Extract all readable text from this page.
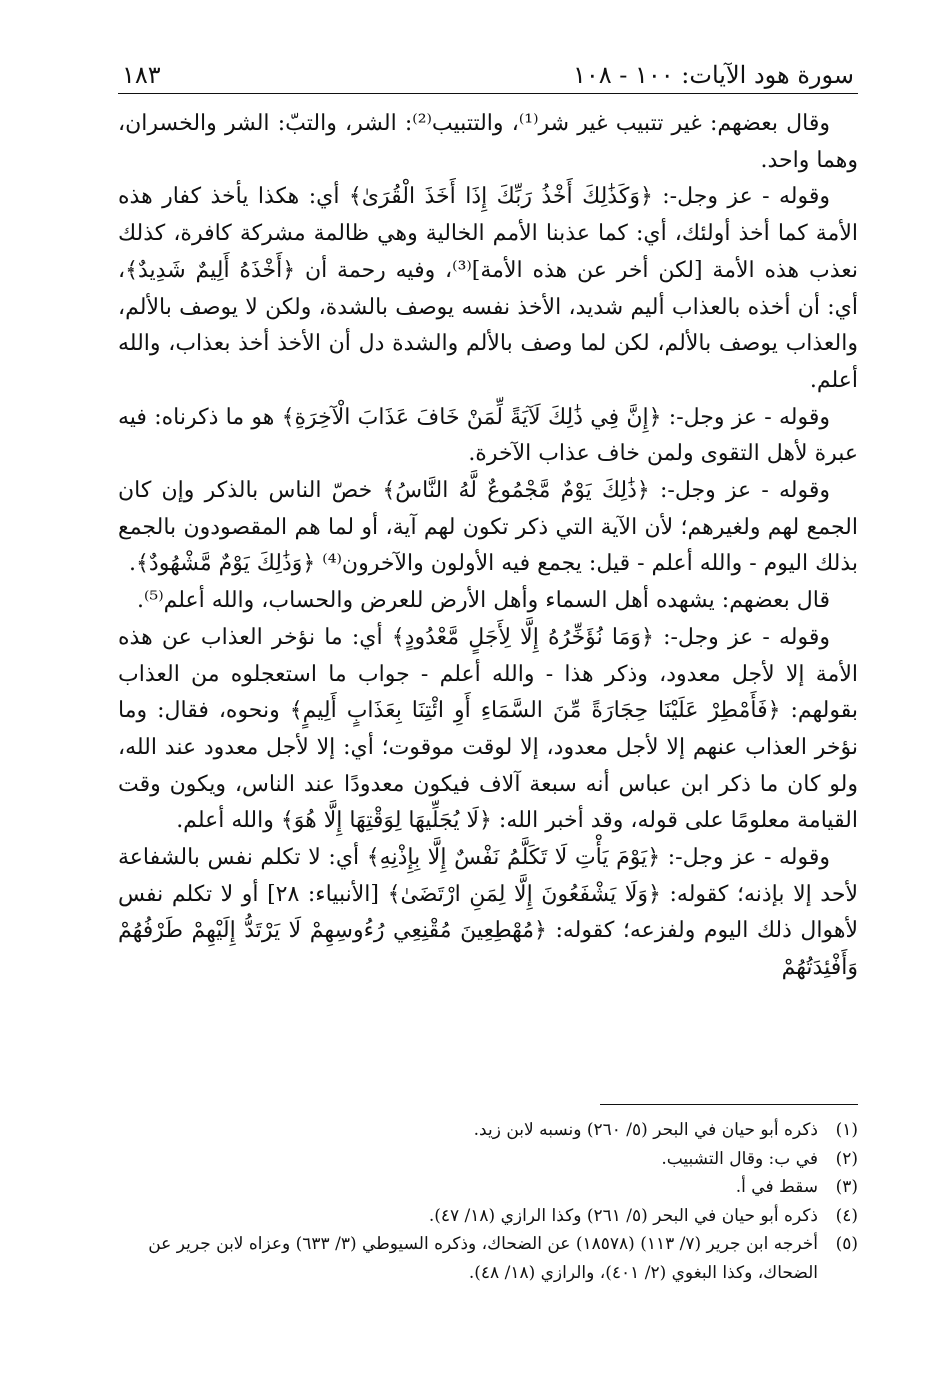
سورة هود الآيات: ١٠٠ - ١٠٨
١٨٣

وقال بعضهم: غير تتبيب غير شر⁽¹⁾، والتتبيب⁽²⁾: الشر، والتبّ: الشر والخسران، وهما واحد.

وقوله - عز وجل-: ﴿وَكَذَٰلِكَ أَخْذُ رَبِّكَ إِذَا أَخَذَ الْقُرَىٰ﴾ أي: هكذا يأخذ كفار هذه الأمة كما أخذ أولئك، أي: كما عذبنا الأمم الخالية وهي ظالمة مشركة كافرة، كذلك نعذب هذه الأمة [لكن أخر عن هذه الأمة]⁽³⁾، وفيه رحمة أن ﴿أَخْذَهُ أَلِيمٌ شَدِيدٌ﴾، أي: أن أخذه بالعذاب أليم شديد، الأخذ نفسه يوصف بالشدة، ولكن لا يوصف بالألم، والعذاب يوصف بالألم، لكن لما وصف بالألم والشدة دل أن الأخذ أخذ بعذاب، والله أعلم.

وقوله - عز وجل-: ﴿إِنَّ فِي ذَٰلِكَ لَآيَةً لِّمَنْ خَافَ عَذَابَ الْآخِرَةِ﴾ هو ما ذكرناه: فيه عبرة لأهل التقوى ولمن خاف عذاب الآخرة.

وقوله - عز وجل-: ﴿ذَٰلِكَ يَوْمٌ مَّجْمُوعٌ لَّهُ النَّاسُ﴾ خصّ الناس بالذكر وإن كان الجمع لهم ولغيرهم؛ لأن الآية التي ذكر تكون لهم آية، أو لما هم المقصودون بالجمع بذلك اليوم - والله أعلم - قيل: يجمع فيه الأولون والآخرون⁽⁴⁾ ﴿وَذَٰلِكَ يَوْمٌ مَّشْهُودٌ﴾.

قال بعضهم: يشهده أهل السماء وأهل الأرض للعرض والحساب، والله أعلم⁽⁵⁾.

وقوله - عز وجل-: ﴿وَمَا نُؤَخِّرُهُ إِلَّا لِأَجَلٍ مَّعْدُودٍ﴾ أي: ما نؤخر العذاب عن هذه الأمة إلا لأجل معدود، وذكر هذا - والله أعلم - جواب ما استعجلوه من العذاب بقولهم: ﴿فَأَمْطِرْ عَلَيْنَا حِجَارَةً مِّنَ السَّمَاءِ أَوِ ائْتِنَا بِعَذَابٍ أَلِيمٍ﴾ ونحوه، فقال: وما نؤخر العذاب عنهم إلا لأجل معدود، إلا لوقت موقوت؛ أي: إلا لأجل معدود عند الله، ولو كان ما ذكر ابن عباس أنه سبعة آلاف فيكون معدودًا عند الناس، ويكون وقت القيامة معلومًا على قوله، وقد أخبر الله: ﴿لَا يُجَلِّيهَا لِوَقْتِهَا إِلَّا هُوَ﴾ والله أعلم.

وقوله - عز وجل-: ﴿يَوْمَ يَأْتِ لَا تَكَلَّمُ نَفْسٌ إِلَّا بِإِذْنِهِ﴾ أي: لا تكلم نفس بالشفاعة لأحد إلا بإذنه؛ كقوله: ﴿وَلَا يَشْفَعُونَ إِلَّا لِمَنِ ارْتَضَىٰ﴾ [الأنبياء: ٢٨] أو لا تكلم نفس لأهوال ذلك اليوم ولفزعه؛ كقوله: ﴿مُهْطِعِينَ مُقْنِعِي رُءُوسِهِمْ لَا يَرْتَدُّ إِلَيْهِمْ طَرْفُهُمْ وَأَفْئِدَتُهُمْ

(١)
ذكره أبو حيان في البحر (٥/ ٢٦٠) ونسبه لابن زيد.
(٢)
في ب: وقال التشبيب.
(٣)
سقط في أ.
(٤)
ذكره أبو حيان في البحر (٥/ ٢٦١) وكذا الرازي (١٨/ ٤٧).
(٥)
أخرجه ابن جرير (٧/ ١١٣) (١٨٥٧٨) عن الضحاك، وذكره السيوطي (٣/ ٦٣٣) وعزاه لابن جرير عن الضحاك، وكذا البغوي (٢/ ٤٠١)، والرازي (١٨/ ٤٨).
